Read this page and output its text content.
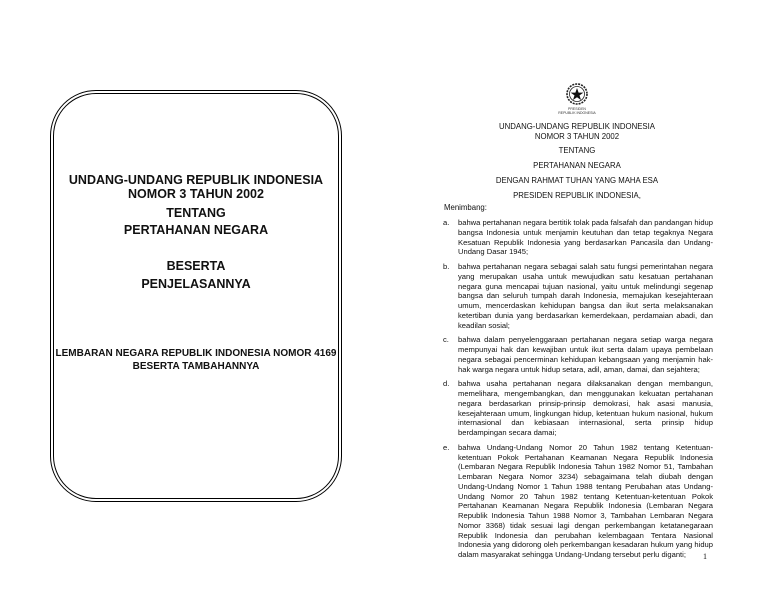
UNDANG-UNDANG REPUBLIK INDONESIA
NOMOR 3 TAHUN 2002
TENTANG
PERTAHANAN NEGARA
BESERTA
PENJELASANNYA
LEMBARAN NEGARA REPUBLIK INDONESIA NOMOR 4169
BESERTA TAMBAHANNYA
PRESIDEN
REPUBLIK INDONESIA
UNDANG-UNDANG REPUBLIK INDONESIA
NOMOR 3 TAHUN 2002
TENTANG
PERTAHANAN NEGARA
DENGAN RAHMAT TUHAN YANG MAHA ESA
PRESIDEN REPUBLIK INDONESIA,
Menimbang:
a. bahwa pertahanan negara bertitik tolak pada falsafah dan pandangan hidup bangsa Indonesia untuk menjamin keutuhan dan tetap tegaknya Negara Kesatuan Republik Indonesia yang berdasarkan Pancasila dan Undang-Undang Dasar 1945;
b. bahwa pertahanan negara sebagai salah satu fungsi pemerintahan negara yang merupakan usaha untuk mewujudkan satu kesatuan pertahanan negara guna mencapai tujuan nasional, yaitu untuk melindungi segenap bangsa dan seluruh tumpah darah Indonesia, memajukan kesejahteraan umum, mencerdaskan kehidupan bangsa dan ikut serta melaksanakan ketertiban dunia yang berdasarkan kemerdekaan, perdamaian abadi, dan keadilan sosial;
c. bahwa dalam penyelenggaraan pertahanan negara setiap warga negara mempunyai hak dan kewajiban untuk ikut serta dalam upaya pembelaan negara sebagai pencerminan kehidupan kebangsaan yang menjamin hak-hak warga negara untuk hidup setara, adil, aman, damai, dan sejahtera;
d. bahwa usaha pertahanan negara dilaksanakan dengan membangun, memelihara, mengembangkan, dan menggunakan kekuatan pertahanan negara berdasarkan prinsip-prinsip demokrasi, hak asasi manusia, kesejahteraan umum, lingkungan hidup, ketentuan hukum nasional, hukum internasional dan kebiasaan internasional, serta prinsip hidup berdampingan secara damai;
e. bahwa Undang-Undang Nomor 20 Tahun 1982 tentang Ketentuan-ketentuan Pokok Pertahanan Keamanan Negara Republik Indonesia (Lembaran Negara Republik Indonesia Tahun 1982 Nomor 51, Tambahan Lembaran Negara Nomor 3234) sebagaimana telah diubah dengan Undang-Undang Nomor 1 Tahun 1988 tentang Perubahan atas Undang-Undang Nomor 20 Tahun 1982 tentang Ketentuan-ketentuan Pokok Pertahanan Keamanan Negara Republik Indonesia (Lembaran Negara Republik Indonesia Tahun 1988 Nomor 3, Tambahan Lembaran Negara Nomor 3368) tidak sesuai lagi dengan perkembangan ketatanegaraan Republik Indonesia dan perubahan kelembagaan Tentara Nasional Indonesia yang didorong oleh perkembangan kesadaran hukum yang hidup dalam masyarakat sehingga Undang-Undang tersebut perlu diganti;	1
